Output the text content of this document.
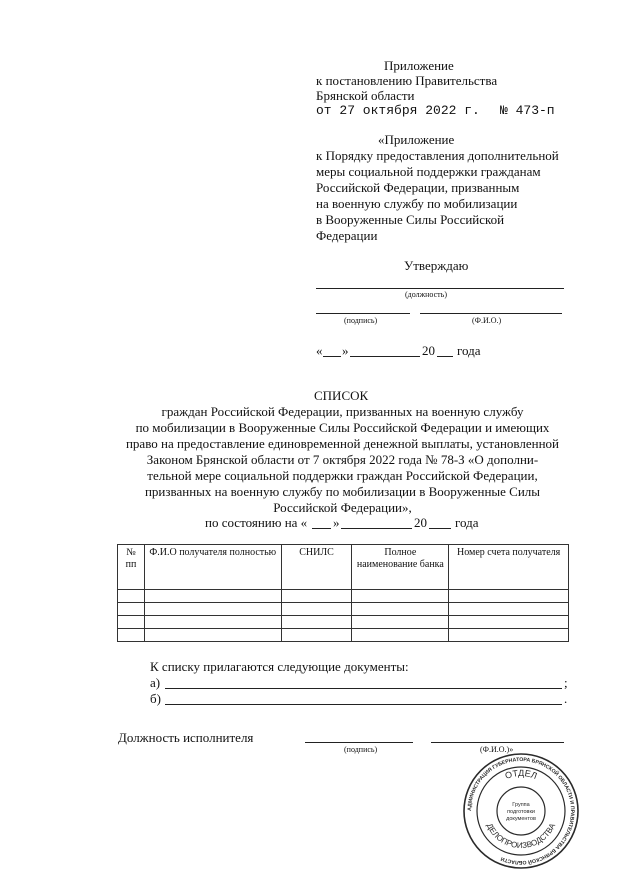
Приложение
к постановлению Правительства
Брянской области
от 27 октября 2022 г. № 473-п
«Приложение
к Порядку предоставления дополнительной
меры социальной поддержки гражданам
Российской Федерации, призванным
на военную службу по мобилизации
в Вооруженные Силы Российской
Федерации
Утверждаю
(должность)
(подпись)	(Ф.И.О.)
« »	20 года
СПИСОК
граждан Российской Федерации, призванных на военную службу
по мобилизации в Вооруженные Силы Российской Федерации и имеющих
право на предоставление единовременной денежной выплаты, установленной
Законом Брянской области от 7 октября 2022 года № 78-З «О дополни-
тельной мере социальной поддержки граждан Российской Федерации,
призванных на военную службу по мобилизации в Вооруженные Силы
Российской Федерации»,
по состоянию на « »	20 года
№ пп	Ф.И.О получателя полностью	СНИЛС	Полное наименование банка	Номер счета получателя

К списку прилагаются следующие документы:
а)	;
б)	.
Должность исполнителя
(подпись)	(Ф.И.О.)»
АДМИНИСТРАЦИЯ ГУБЕРНАТОРА БРЯНСКОЙ ОБЛАСТИ И ПРАВИТЕЛЬСТВА БРЯНСКОЙ ОБЛАСТИ
ОТДЕЛ
ДЕЛОПРОИЗВОДСТВА
Группа
подготовки
документов
